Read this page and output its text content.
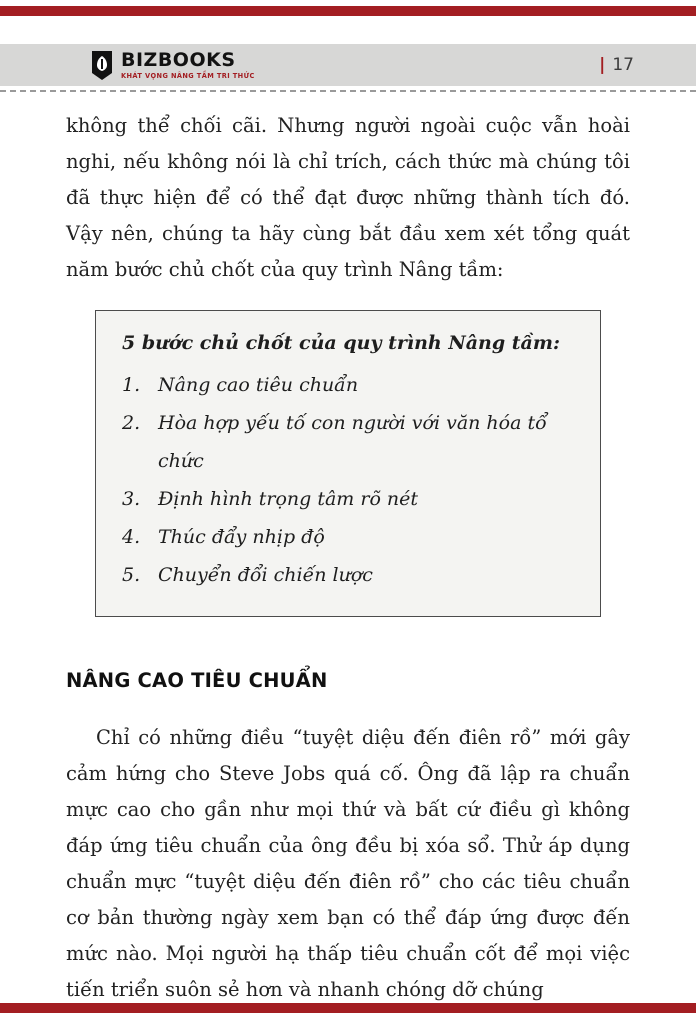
BIZBOOKS
KHÁT VỌNG NÂNG TẦM TRI THỨC
| 17

không thể chối cãi. Nhưng người ngoài cuộc vẫn hoài nghi, nếu không nói là chỉ trích, cách thức mà chúng tôi đã thực hiện để có thể đạt được những thành tích đó. Vậy nên, chúng ta hãy cùng bắt đầu xem xét tổng quát năm bước chủ chốt của quy trình Nâng tầm:

5 bước chủ chốt của quy trình Nâng tầm:

1. Nâng cao tiêu chuẩn
2. Hòa hợp yếu tố con người với văn hóa tổ chức
3. Định hình trọng tâm rõ nét
4. Thúc đẩy nhịp độ
5. Chuyển đổi chiến lược
NÂNG CAO TIÊU CHUẨN

Chỉ có những điều “tuyệt diệu đến điên rồ” mới gây cảm hứng cho Steve Jobs quá cố. Ông đã lập ra chuẩn mực cao cho gần như mọi thứ và bất cứ điều gì không đáp ứng tiêu chuẩn của ông đều bị xóa sổ. Thử áp dụng chuẩn mực “tuyệt diệu đến điên rồ” cho các tiêu chuẩn cơ bản thường ngày xem bạn có thể đáp ứng được đến mức nào. Mọi người hạ thấp tiêu chuẩn cốt để mọi việc tiến triển suôn sẻ hơn và nhanh chóng dỡ chúng
